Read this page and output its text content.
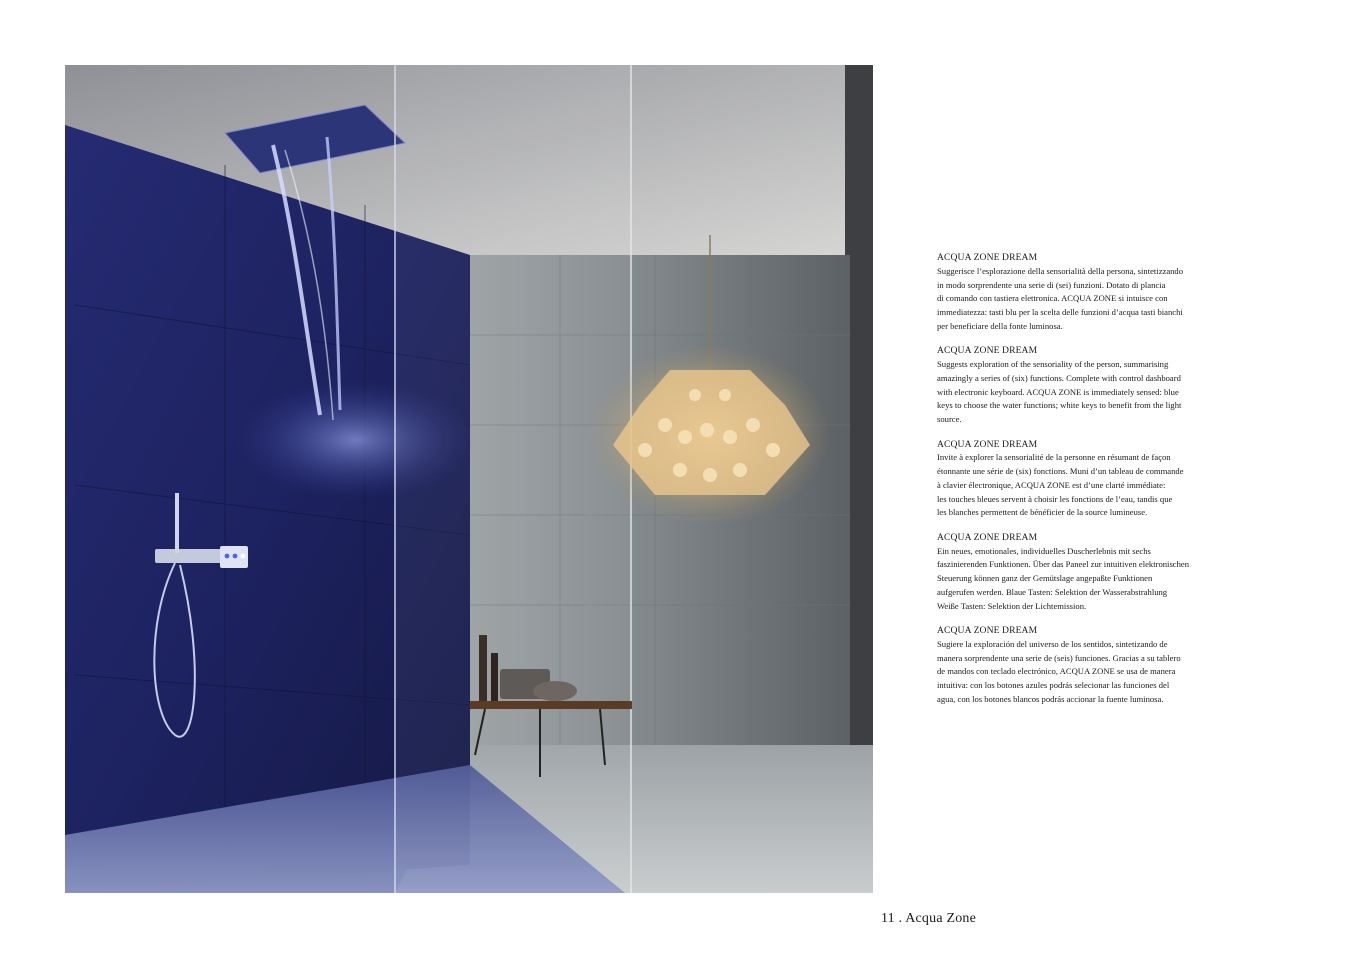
ACQUA ZONE DREAM

Suggerisce l’esplorazione della sensorialità della persona, sintetizzando
in modo sorprendente una serie di (sei) funzioni. Dotato di plancia
di comando con tastiera elettronica. ACQUA ZONE si intuisce con
immediatezza: tasti blu per la scelta delle funzioni d’acqua tasti bianchi
per beneficiare della fonte luminosa.

ACQUA ZONE DREAM

Suggests exploration of the sensoriality of the person, summarising
amazingly a series of (six) functions. Complete with control dashboard
with electronic keyboard. ACQUA ZONE is immediately sensed: blue
keys to choose the water functions; white keys to benefit from the light
source.

ACQUA ZONE DREAM

Invite à explorer la sensorialité de la personne en résumant de façon
étonnante une série de (six) fonctions. Muni d’un tableau de commande
à clavier électronique, ACQUA ZONE est d’une clarté immédiate:
les touches bleues servent à choisir les fonctions de l’eau, tandis que
les blanches permettent de bénéficier de la source lumineuse.

ACQUA ZONE DREAM

Ein neues, emotionales, individuelles Duscherlebnis mit sechs
faszinierenden Funktionen. Über das Paneel zur intuitiven elektronischen
Steuerung können ganz der Gemütslage angepaßte Funktionen
aufgerufen werden. Blaue Tasten: Selektion der Wasserabstrahlung
Weiße Tasten: Selektion der Lichtemission.

ACQUA ZONE DREAM

Sugiere la exploración del universo de los sentidos, sintetizando de
manera sorprendente una serie de (seis) funciones. Gracias a su tablero
de mandos con teclado electrónico, ACQUA ZONE se usa de manera
intuitiva: con los botones azules podrás selecionar las funciones del
agua, con los botones blancos podrás accionar la fuente luminosa.

11 . Acqua Zone
